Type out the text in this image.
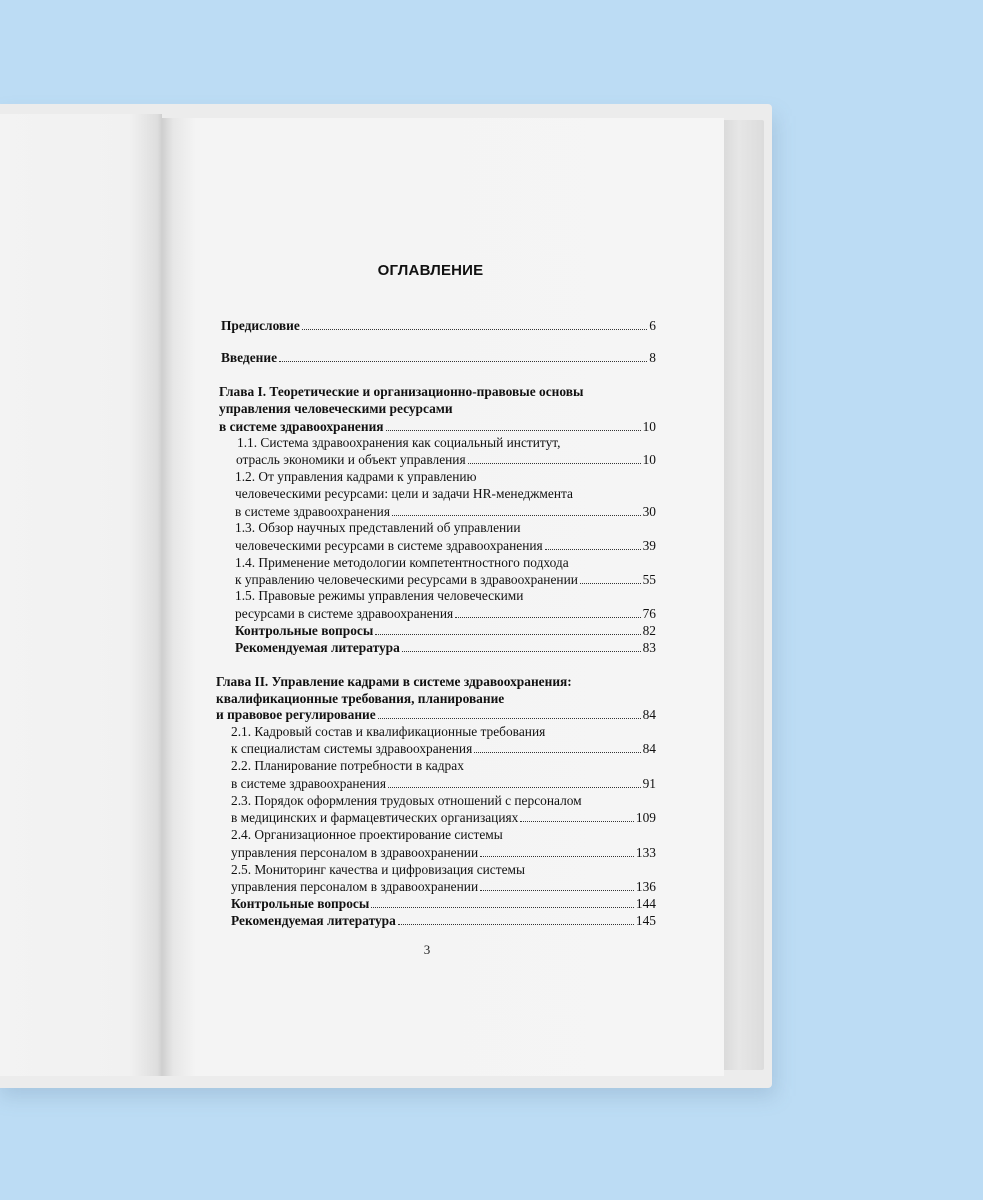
ОГЛАВЛЕНИЕ
Предисловие	6
Введение	8
Глава I. Теоретические и организационно-правовые основы
управления человеческими ресурсами
в системе здравоохранения	10
1.1. Система здравоохранения как социальный институт,
отрасль экономики и объект управления	10
1.2. От управления кадрами к управлению
человеческими ресурсами: цели и задачи HR-менеджмента
в системе здравоохранения	30
1.3. Обзор научных представлений об управлении
человеческими ресурсами в системе здравоохранения	39
1.4. Применение методологии компетентностного подхода
к управлению человеческими ресурсами в здравоохранении	55
1.5. Правовые режимы управления человеческими
ресурсами в системе здравоохранения	76
Контрольные вопросы	82
Рекомендуемая литература	83
Глава II. Управление кадрами в системе здравоохранения:
квалификационные требования, планирование
и правовое регулирование	84
2.1. Кадровый состав и квалификационные требования
к специалистам системы здравоохранения	84
2.2. Планирование потребности в кадрах
в системе здравоохранения	91
2.3. Порядок оформления трудовых отношений с персоналом
в медицинских и фармацевтических организациях	109
2.4. Организационное проектирование системы
управления персоналом в здравоохранении	133
2.5. Мониторинг качества и цифровизация системы
управления персоналом в здравоохранении	136
Контрольные вопросы	144
Рекомендуемая литература	145
3
